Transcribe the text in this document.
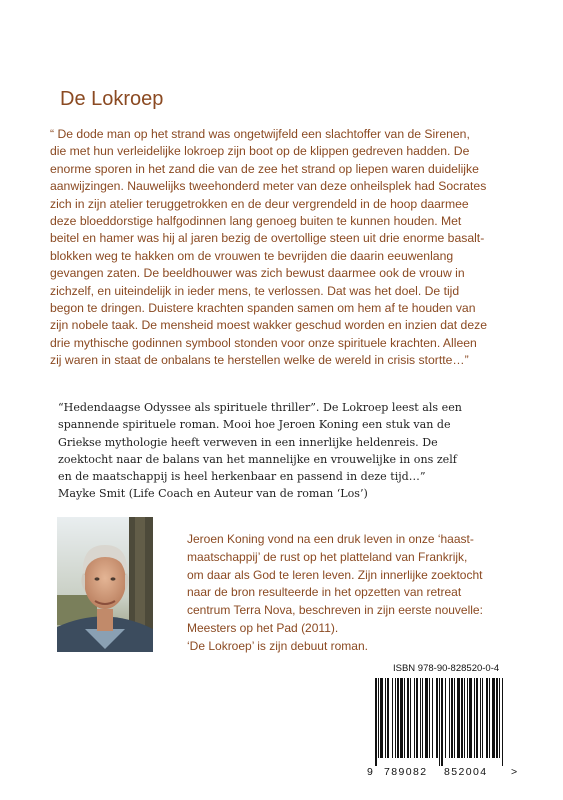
De Lokroep

“ De dode man op het strand was ongetwijfeld een slachtoffer van de Sirenen,
die met hun verleidelijke lokroep zijn boot op de klippen gedreven hadden. De
enorme sporen in het zand die van de zee het strand op liepen waren duidelijke
aanwijzingen. Nauwelijks tweehonderd meter van deze onheilsplek had Socrates
zich in zijn atelier teruggetrokken en de deur vergrendeld in de hoop daarmee
deze bloeddorstige halfgodinnen lang genoeg buiten te kunnen houden. Met
beitel en hamer was hij al jaren bezig de overtollige steen uit drie enorme basalt-
blokken weg te hakken om de vrouwen te bevrijden die daarin eeuwenlang
gevangen zaten. De beeldhouwer was zich bewust daarmee ook de vrouw in
zichzelf, en uiteindelijk in ieder mens, te verlossen. Dat was het doel. De tijd
begon te dringen. Duistere krachten spanden samen om hem af te houden van
zijn nobele taak. De mensheid moest wakker geschud worden en inzien dat deze
drie mythische godinnen symbool stonden voor onze spirituele krachten. Alleen
zij waren in staat de onbalans te herstellen welke de wereld in crisis stortte…”

“Hedendaagse Odyssee als spirituele thriller”. De Lokroep leest als een
spannende spirituele roman. Mooi hoe Jeroen Koning een stuk van de
Griekse mythologie heeft verweven in een innerlijke heldenreis. De
zoektocht naar de balans van het mannelijke en vrouwelijke in ons zelf
en de maatschappij is heel herkenbaar en passend in deze tijd…”
Mayke Smit (Life Coach en Auteur van de roman ‘Los’)

Jeroen Koning vond na een druk leven in onze ‘haast-
maatschappij’ de rust op het platteland van Frankrijk,
om daar als God te leren leven. Zijn innerlijke zoektocht
naar de bron resulteerde in het opzetten van retreat
centrum Terra Nova, beschreven in zijn eerste nouvelle:
Meesters op het Pad (2011).
‘De Lokroep’ is zijn debuut roman.

ISBN 978-90-828520-0-4
9 789082 852004 >
